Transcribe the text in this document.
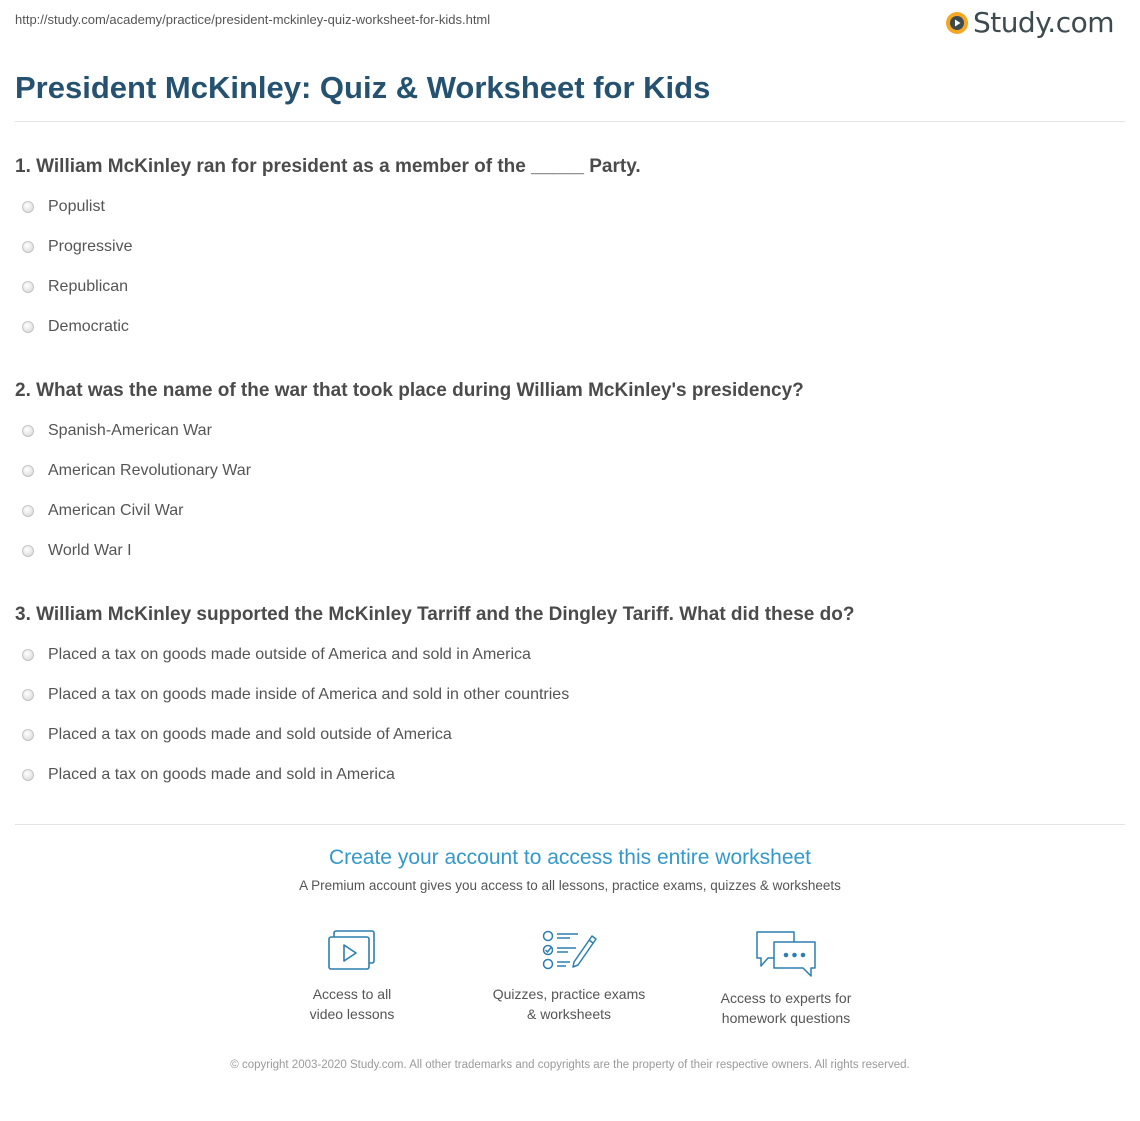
http://study.com/academy/practice/president-mckinley-quiz-worksheet-for-kids.html	Study.com
President McKinley: Quiz & Worksheet for Kids
1. William McKinley ran for president as a member of the _____ Party.
Populist
Progressive
Republican
Democratic
2. What was the name of the war that took place during William McKinley's presidency?
Spanish-American War
American Revolutionary War
American Civil War
World War I
3. William McKinley supported the McKinley Tarriff and the Dingley Tariff. What did these do?
Placed a tax on goods made outside of America and sold in America
Placed a tax on goods made inside of America and sold in other countries
Placed a tax on goods made and sold outside of America
Placed a tax on goods made and sold in America
Create your account to access this entire worksheet
A Premium account gives you access to all lessons, practice exams, quizzes & worksheets
Access to all
video lessons
Quizzes, practice exams
& worksheets
Access to experts for
homework questions
© copyright 2003-2020 Study.com. All other trademarks and copyrights are the property of their respective owners. All rights reserved.
